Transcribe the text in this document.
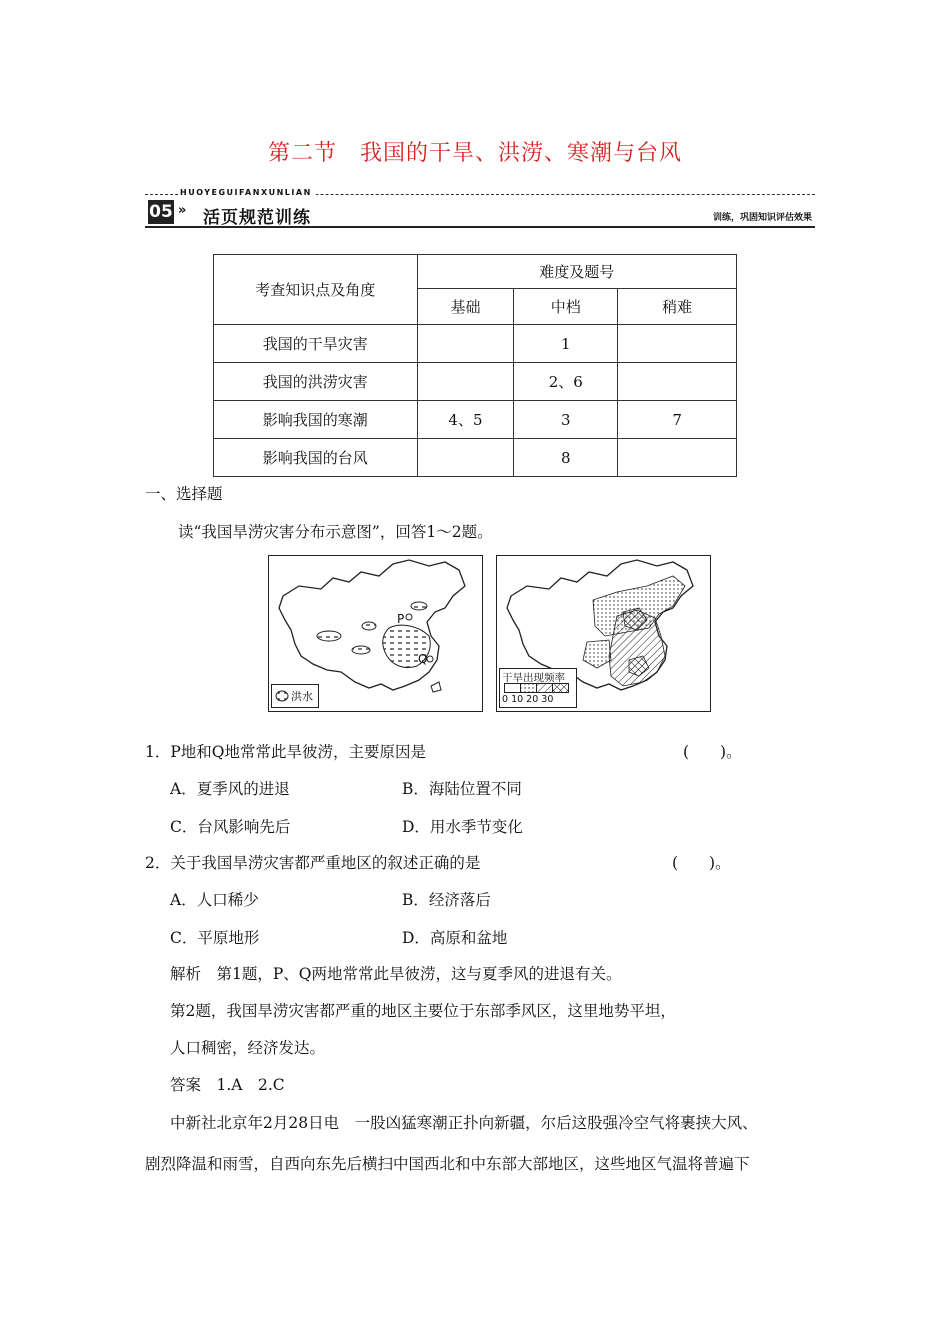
第二节　我国的干旱、洪涝、寒潮与台风
HUOYEGUIFANXUNLIAN
05 » 活页规范训练	训练，巩固知识评估效果
考查知识点及角度	难度及题号		
	基础	中档	稍难
我国的干旱灾害		1	
我国的洪涝灾害		2、6	
影响我国的寒潮	4、5	3	7
影响我国的台风		8	
一、选择题
读“我国旱涝灾害分布示意图”，回答1～2题。
P
Q
洪水
干旱出现频率
0 10 20 30
1．P地和Q地常常此旱彼涝，主要原因是	(　　)。
A．夏季风的进退	B．海陆位置不同
C．台风影响先后	D．用水季节变化
2．关于我国旱涝灾害都严重地区的叙述正确的是	(　　)。
A．人口稀少	B．经济落后
C．平原地形	D．高原和盆地
解析　第1题，P、Q两地常常此旱彼涝，这与夏季风的进退有关。
第2题，我国旱涝灾害都严重的地区主要位于东部季风区，这里地势平坦，
人口稠密，经济发达。
答案　1.A　2.C
中新社北京年2月28日电　一股凶猛寒潮正扑向新疆，尔后这股强冷空气将裹挟大风、
剧烈降温和雨雪，自西向东先后横扫中国西北和中东部大部地区，这些地区气温将普遍下
